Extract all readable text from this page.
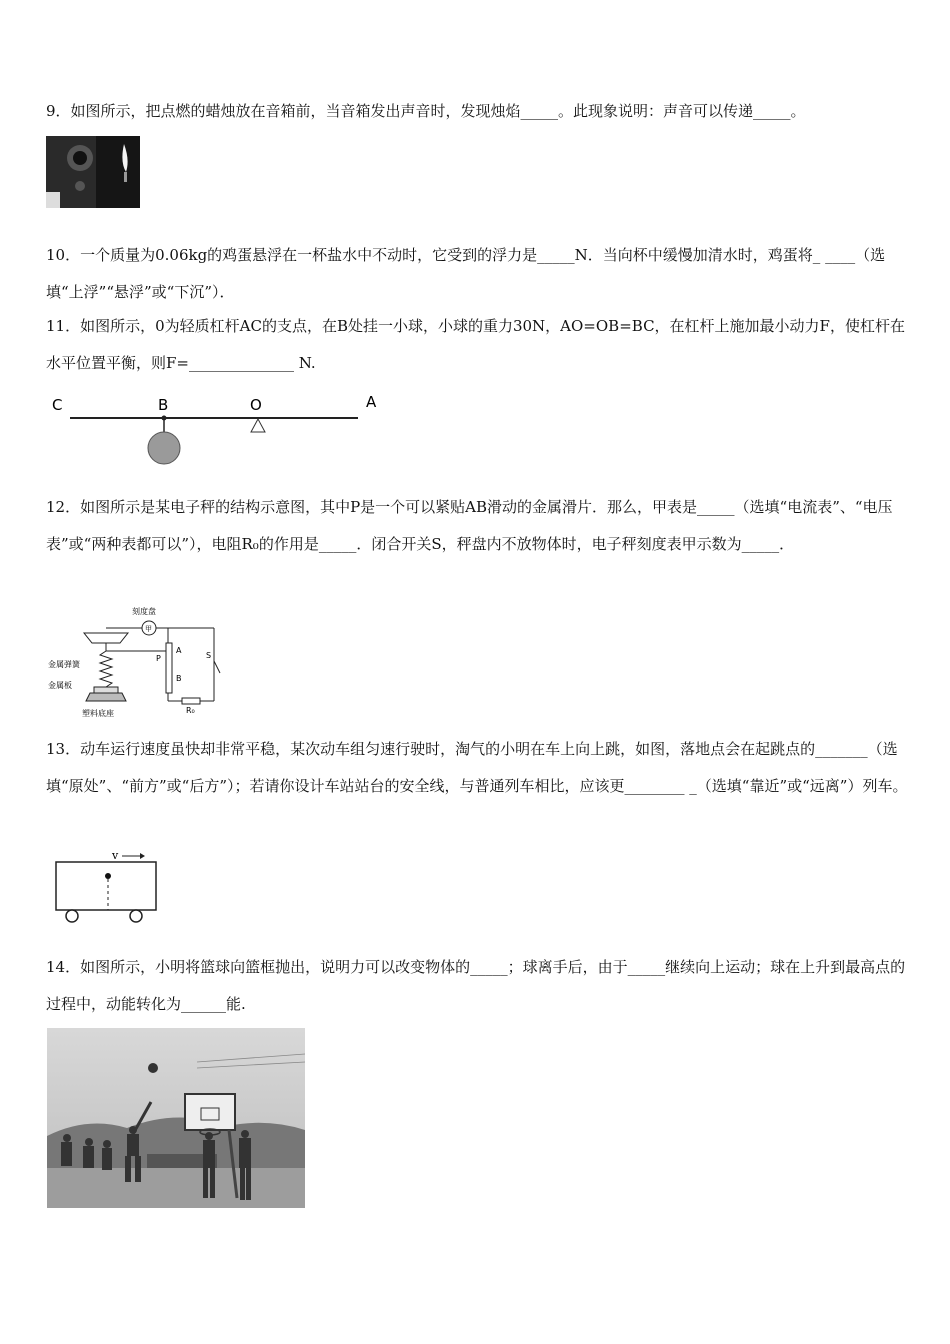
9．如图所示，把点燃的蜡烛放在音箱前，当音箱发出声音时，发现烛焰_____。此现象说明：声音可以传递_____。
10．一个质量为0.06kg的鸡蛋悬浮在一杯盐水中不动时，它受到的浮力是_____N．当向杯中缓慢加清水时，鸡蛋将_ ____（选填“上浮”“悬浮”或“下沉”）．
11．如图所示，0为轻质杠杆AC的支点，在B处挂一小球，小球的重力30N，AO=OB=BC，在杠杆上施加最小动力F，使杠杆在水平位置平衡，则F=______________ N.
C	B	O	A
12．如图所示是某电子秤的结构示意图，其中P是一个可以紧贴AB滑动的金属滑片．那么，甲表是_____（选填“电流表”、“电压表”或“两种表都可以”），电阻R₀的作用是_____．闭合开关S，秤盘内不放物体时，电子秤刻度表甲示数为_____．
刻度盘
甲
金属弹簧
金属板
塑料底座
P
A
B
S
R₀
13．动车运行速度虽快却非常平稳，某次动车组匀速行驶时，淘气的小明在车上向上跳，如图，落地点会在起跳点的_______（选填“原处”、“前方”或“后方”）；若请你设计车站站台的安全线，与普通列车相比，应该更________ _（选填“靠近”或“远离”）列车。
v
14．如图所示，小明将篮球向篮框抛出，说明力可以改变物体的_____；球离手后，由于_____继续向上运动；球在上升到最高点的过程中，动能转化为______能.
